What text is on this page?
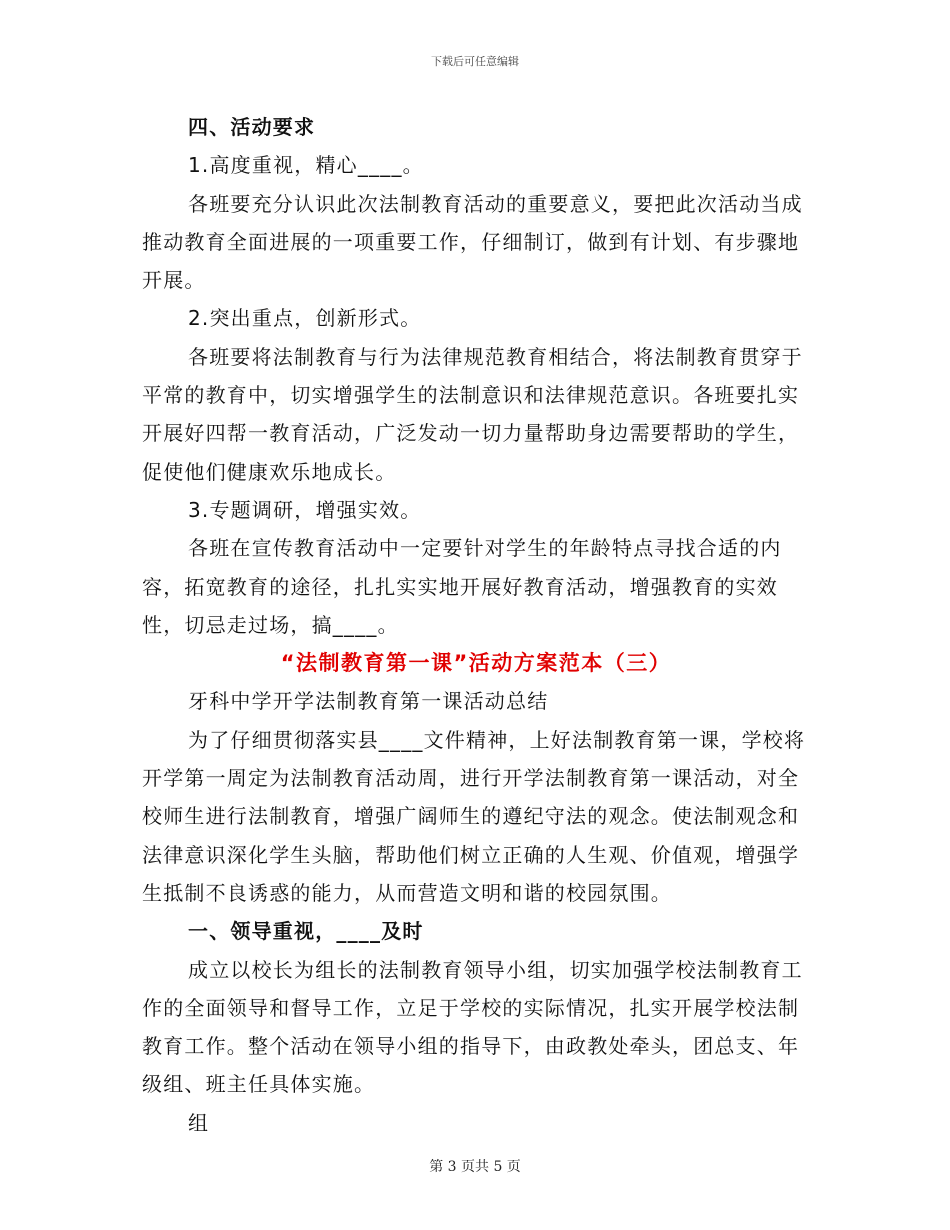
下载后可任意编辑

四、活动要求

1.高度重视，精心____。

各班要充分认识此次法制教育活动的重要意义，要把此次活动当成推动教育全面进展的一项重要工作，仔细制订，做到有计划、有步骤地开展。

2.突出重点，创新形式。

各班要将法制教育与行为法律规范教育相结合，将法制教育贯穿于平常的教育中，切实增强学生的法制意识和法律规范意识。各班要扎实开展好四帮一教育活动，广泛发动一切力量帮助身边需要帮助的学生，促使他们健康欢乐地成长。

3.专题调研，增强实效。

各班在宣传教育活动中一定要针对学生的年龄特点寻找合适的内容，拓宽教育的途径，扎扎实实地开展好教育活动，增强教育的实效性，切忌走过场，搞____。

“法制教育第一课”活动方案范本（三）

牙科中学开学法制教育第一课活动总结

为了仔细贯彻落实县____文件精神，上好法制教育第一课，学校将开学第一周定为法制教育活动周，进行开学法制教育第一课活动，对全校师生进行法制教育，增强广阔师生的遵纪守法的观念。使法制观念和法律意识深化学生头脑，帮助他们树立正确的人生观、价值观，增强学生抵制不良诱惑的能力，从而营造文明和谐的校园氛围。

一、领导重视，____及时

成立以校长为组长的法制教育领导小组，切实加强学校法制教育工作的全面领导和督导工作，立足于学校的实际情况，扎实开展学校法制教育工作。整个活动在领导小组的指导下，由政教处牵头，团总支、年级组、班主任具体实施。

组

第 3 页共 5 页
